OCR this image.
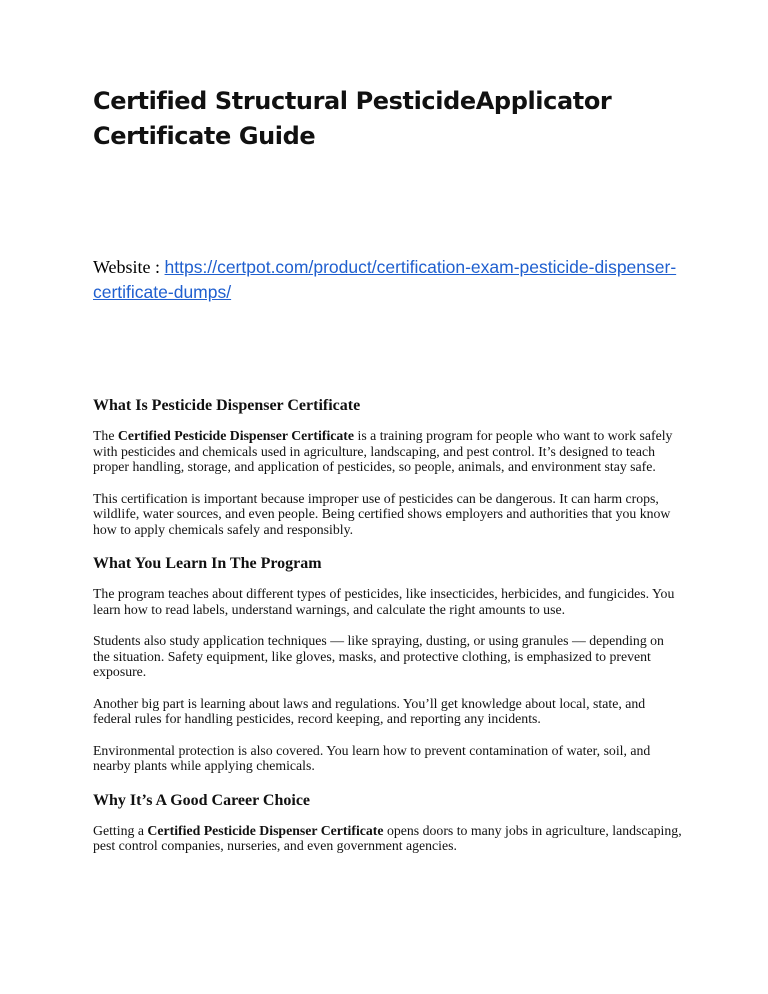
Certified Structural PesticideApplicator Certificate Guide

Website : https://certpot.com/product/certification-exam-pesticide-dispenser-certificate-dumps/

What Is Pesticide Dispenser Certificate

The Certified Pesticide Dispenser Certificate is a training program for people who want to work safely with pesticides and chemicals used in agriculture, landscaping, and pest control. It’s designed to teach proper handling, storage, and application of pesticides, so people, animals, and environment stay safe.

This certification is important because improper use of pesticides can be dangerous. It can harm crops, wildlife, water sources, and even people. Being certified shows employers and authorities that you know how to apply chemicals safely and responsibly.

What You Learn In The Program

The program teaches about different types of pesticides, like insecticides, herbicides, and fungicides. You learn how to read labels, understand warnings, and calculate the right amounts to use.

Students also study application techniques — like spraying, dusting, or using granules — depending on the situation. Safety equipment, like gloves, masks, and protective clothing, is emphasized to prevent exposure.

Another big part is learning about laws and regulations. You’ll get knowledge about local, state, and federal rules for handling pesticides, record keeping, and reporting any incidents.

Environmental protection is also covered. You learn how to prevent contamination of water, soil, and nearby plants while applying chemicals.

Why It’s A Good Career Choice

Getting a Certified Pesticide Dispenser Certificate opens doors to many jobs in agriculture, landscaping, pest control companies, nurseries, and even government agencies.
